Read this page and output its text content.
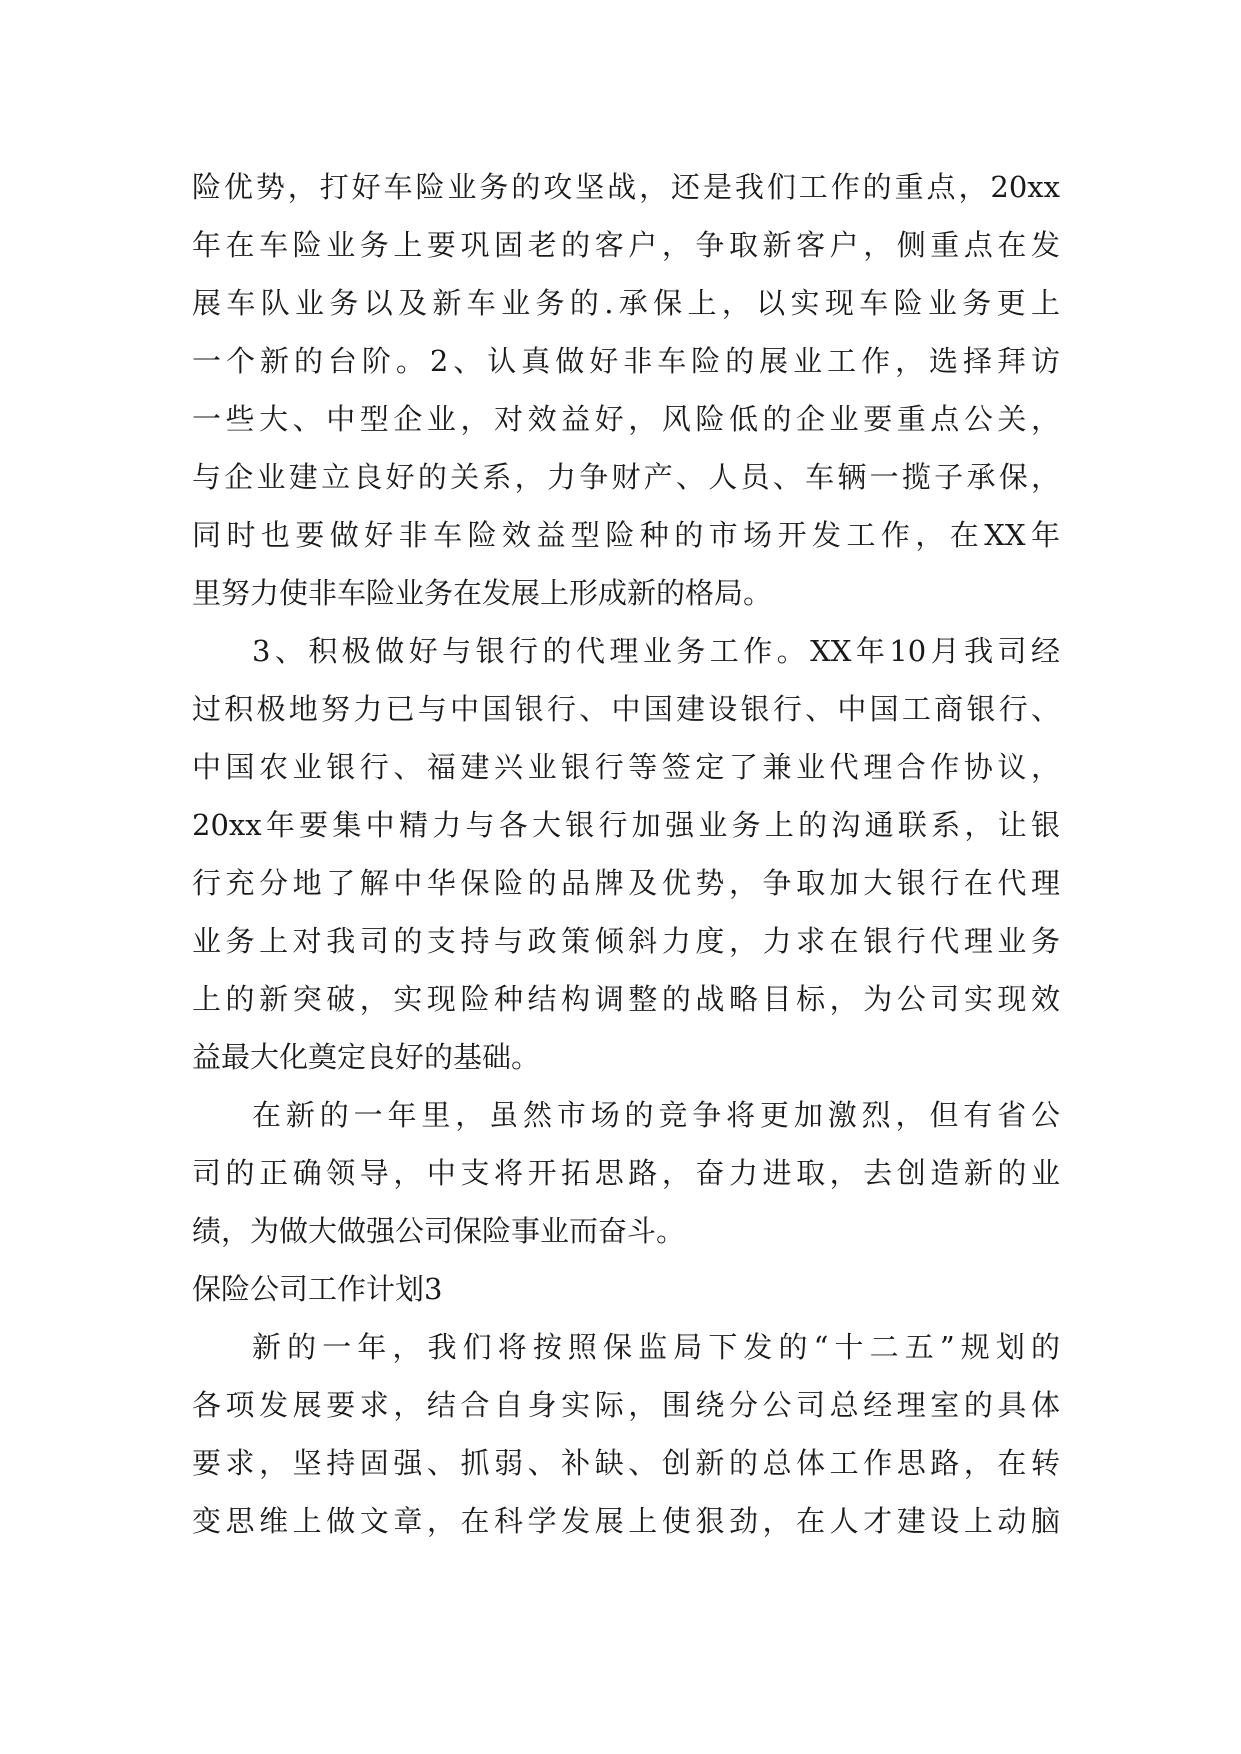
险优势，打好车险业务的攻坚战，还是我们工作的重点，20xx
年在车险业务上要巩固老的客户，争取新客户，侧重点在发
展车队业务以及新车业务的.承保上，以实现车险业务更上
一个新的台阶。2、认真做好非车险的展业工作，选择拜访
一些大、中型企业，对效益好，风险低的企业要重点公关，
与企业建立良好的关系，力争财产、人员、车辆一揽子承保，
同时也要做好非车险效益型险种的市场开发工作，在XX年
里努力使非车险业务在发展上形成新的格局。
3、积极做好与银行的代理业务工作。XX年10月我司经
过积极地努力已与中国银行、中国建设银行、中国工商银行、
中国农业银行、福建兴业银行等签定了兼业代理合作协议，
20xx年要集中精力与各大银行加强业务上的沟通联系，让银
行充分地了解中华保险的品牌及优势，争取加大银行在代理
业务上对我司的支持与政策倾斜力度，力求在银行代理业务
上的新突破，实现险种结构调整的战略目标，为公司实现效
益最大化奠定良好的基础。
在新的一年里，虽然市场的竞争将更加激烈，但有省公
司的正确领导，中支将开拓思路，奋力进取，去创造新的业
绩，为做大做强公司保险事业而奋斗。
保险公司工作计划3
新的一年，我们将按照保监局下发的“十二五”规划的
各项发展要求，结合自身实际，围绕分公司总经理室的具体
要求，坚持固强、抓弱、补缺、创新的总体工作思路，在转
变思维上做文章，在科学发展上使狠劲，在人才建设上动脑
